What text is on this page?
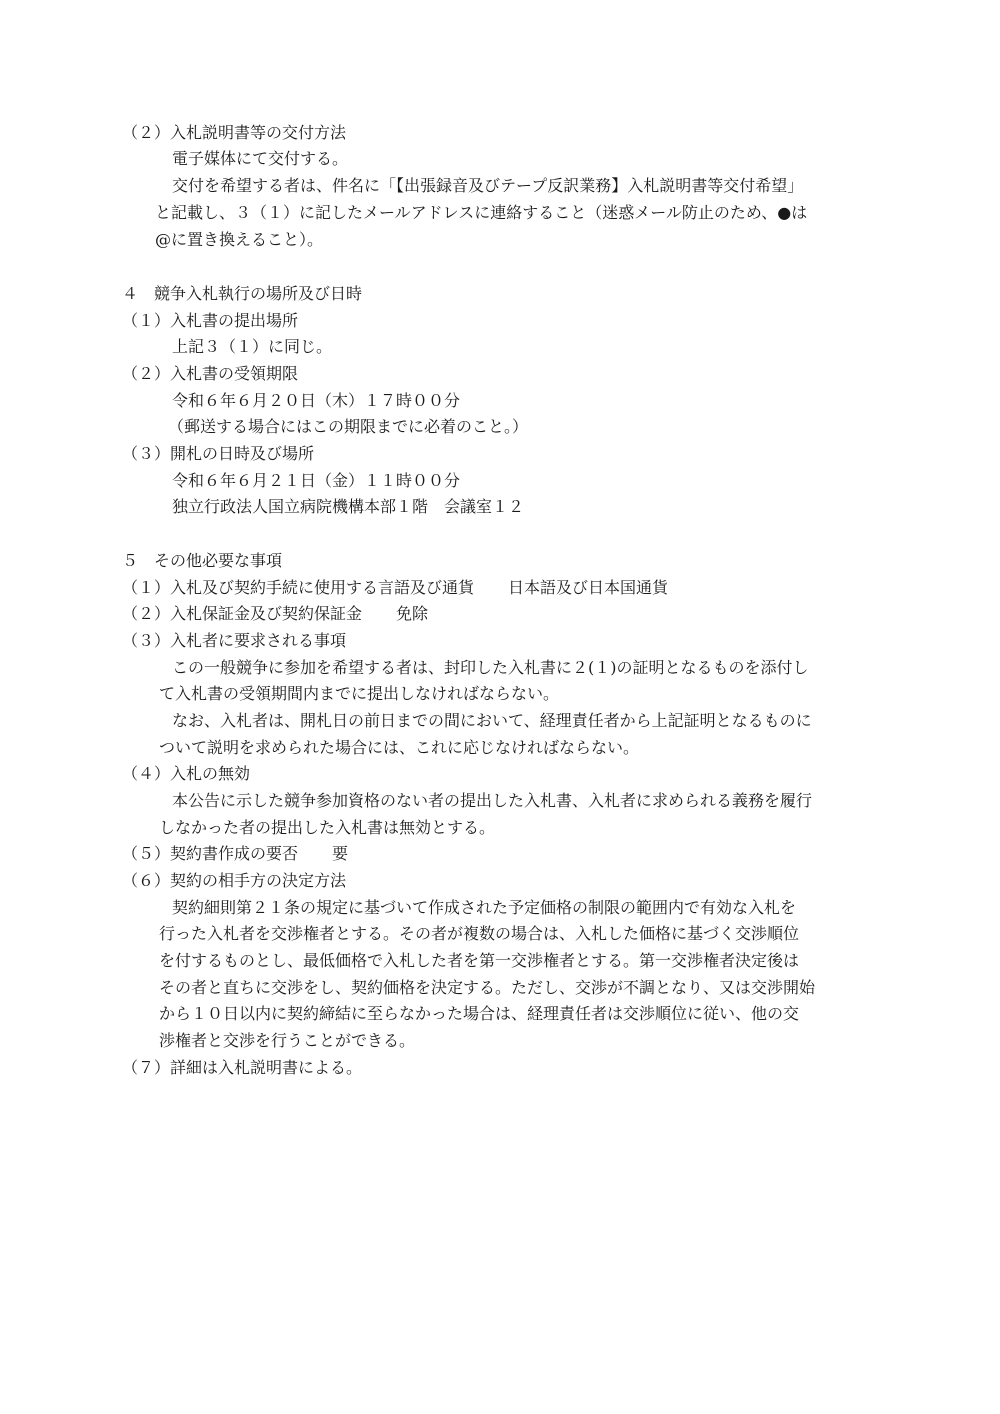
（２）入札説明書等の交付方法
電子媒体にて交付する。
交付を希望する者は、件名に「【出張録音及びテープ反訳業務】入札説明書等交付希望」
と記載し、３（１）に記したメールアドレスに連絡すること（迷惑メール防止のため、●は
@に置き換えること）。
４　競争入札執行の場所及び日時
（１）入札書の提出場所
上記３（１）に同じ。
（２）入札書の受領期限
令和６年６月２０日（木）１７時００分
（郵送する場合にはこの期限までに必着のこと。）
（３）開札の日時及び場所
令和６年６月２１日（金）１１時００分
独立行政法人国立病院機構本部１階　会議室１２
５　その他必要な事項
（１）入札及び契約手続に使用する言語及び通貨 日本語及び日本国通貨
（２）入札保証金及び契約保証金 免除
（３）入札者に要求される事項
この一般競争に参加を希望する者は、封印した入札書に２(１)の証明となるものを添付し
て入札書の受領期間内までに提出しなければならない。
なお、入札者は、開札日の前日までの間において、経理責任者から上記証明となるものに
ついて説明を求められた場合には、これに応じなければならない。
（４）入札の無効
本公告に示した競争参加資格のない者の提出した入札書、入札者に求められる義務を履行
しなかった者の提出した入札書は無効とする。
（５）契約書作成の要否 要
（６）契約の相手方の決定方法
契約細則第２１条の規定に基づいて作成された予定価格の制限の範囲内で有効な入札を
行った入札者を交渉権者とする。その者が複数の場合は、入札した価格に基づく交渉順位
を付するものとし、最低価格で入札した者を第一交渉権者とする。第一交渉権者決定後は
その者と直ちに交渉をし、契約価格を決定する。ただし、交渉が不調となり、又は交渉開始
から１０日以内に契約締結に至らなかった場合は、経理責任者は交渉順位に従い、他の交
渉権者と交渉を行うことができる。
（７）詳細は入札説明書による。
